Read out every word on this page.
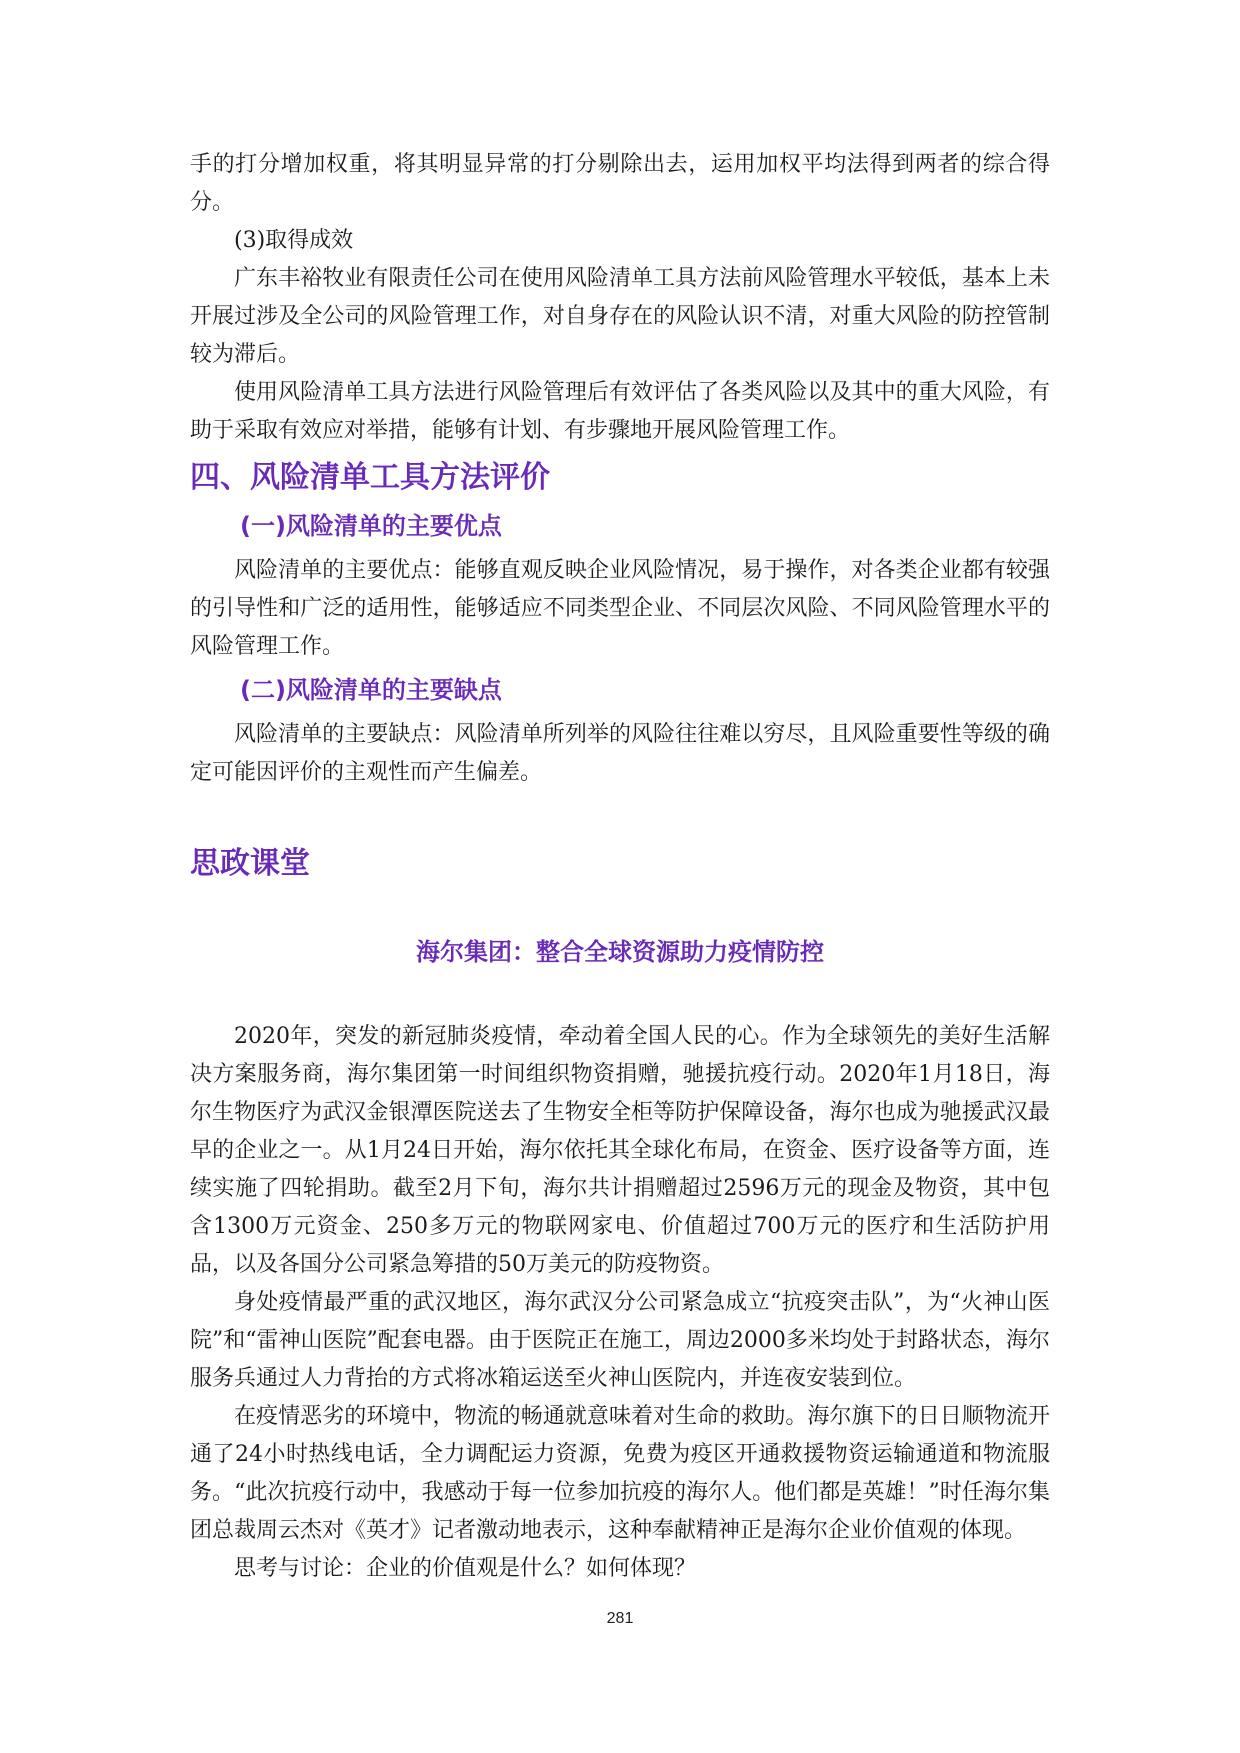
手的打分增加权重，将其明显异常的打分剔除出去，运用加权平均法得到两者的综合得分。

(3)取得成效

广东丰裕牧业有限责任公司在使用风险清单工具方法前风险管理水平较低，基本上未开展过涉及全公司的风险管理工作，对自身存在的风险认识不清，对重大风险的防控管制较为滞后。

使用风险清单工具方法进行风险管理后有效评估了各类风险以及其中的重大风险，有助于采取有效应对举措，能够有计划、有步骤地开展风险管理工作。

四、风险清单工具方法评价
(一)风险清单的主要优点

风险清单的主要优点：能够直观反映企业风险情况，易于操作，对各类企业都有较强的引导性和广泛的适用性，能够适应不同类型企业、不同层次风险、不同风险管理水平的风险管理工作。

(二)风险清单的主要缺点

风险清单的主要缺点：风险清单所列举的风险往往难以穷尽，且风险重要性等级的确定可能因评价的主观性而产生偏差。

思政课堂
海尔集团：整合全球资源助力疫情防控

2020年，突发的新冠肺炎疫情，牵动着全国人民的心。作为全球领先的美好生活解决方案服务商，海尔集团第一时间组织物资捐赠，驰援抗疫行动。2020年1月18日，海尔生物医疗为武汉金银潭医院送去了生物安全柜等防护保障设备，海尔也成为驰援武汉最早的企业之一。从1月24日开始，海尔依托其全球化布局，在资金、医疗设备等方面，连续实施了四轮捐助。截至2月下旬，海尔共计捐赠超过2596万元的现金及物资，其中包含1300万元资金、250多万元的物联网家电、价值超过700万元的医疗和生活防护用品，以及各国分公司紧急筹措的50万美元的防疫物资。

身处疫情最严重的武汉地区，海尔武汉分公司紧急成立“抗疫突击队”，为“火神山医院”和“雷神山医院”配套电器。由于医院正在施工，周边2000多米均处于封路状态，海尔服务兵通过人力背抬的方式将冰箱运送至火神山医院内，并连夜安装到位。

在疫情恶劣的环境中，物流的畅通就意味着对生命的救助。海尔旗下的日日顺物流开通了24小时热线电话，全力调配运力资源，免费为疫区开通救援物资运输通道和物流服务。“此次抗疫行动中，我感动于每一位参加抗疫的海尔人。他们都是英雄！”时任海尔集团总裁周云杰对《英才》记者激动地表示，这种奉献精神正是海尔企业价值观的体现。

思考与讨论：企业的价值观是什么？如何体现？

281
